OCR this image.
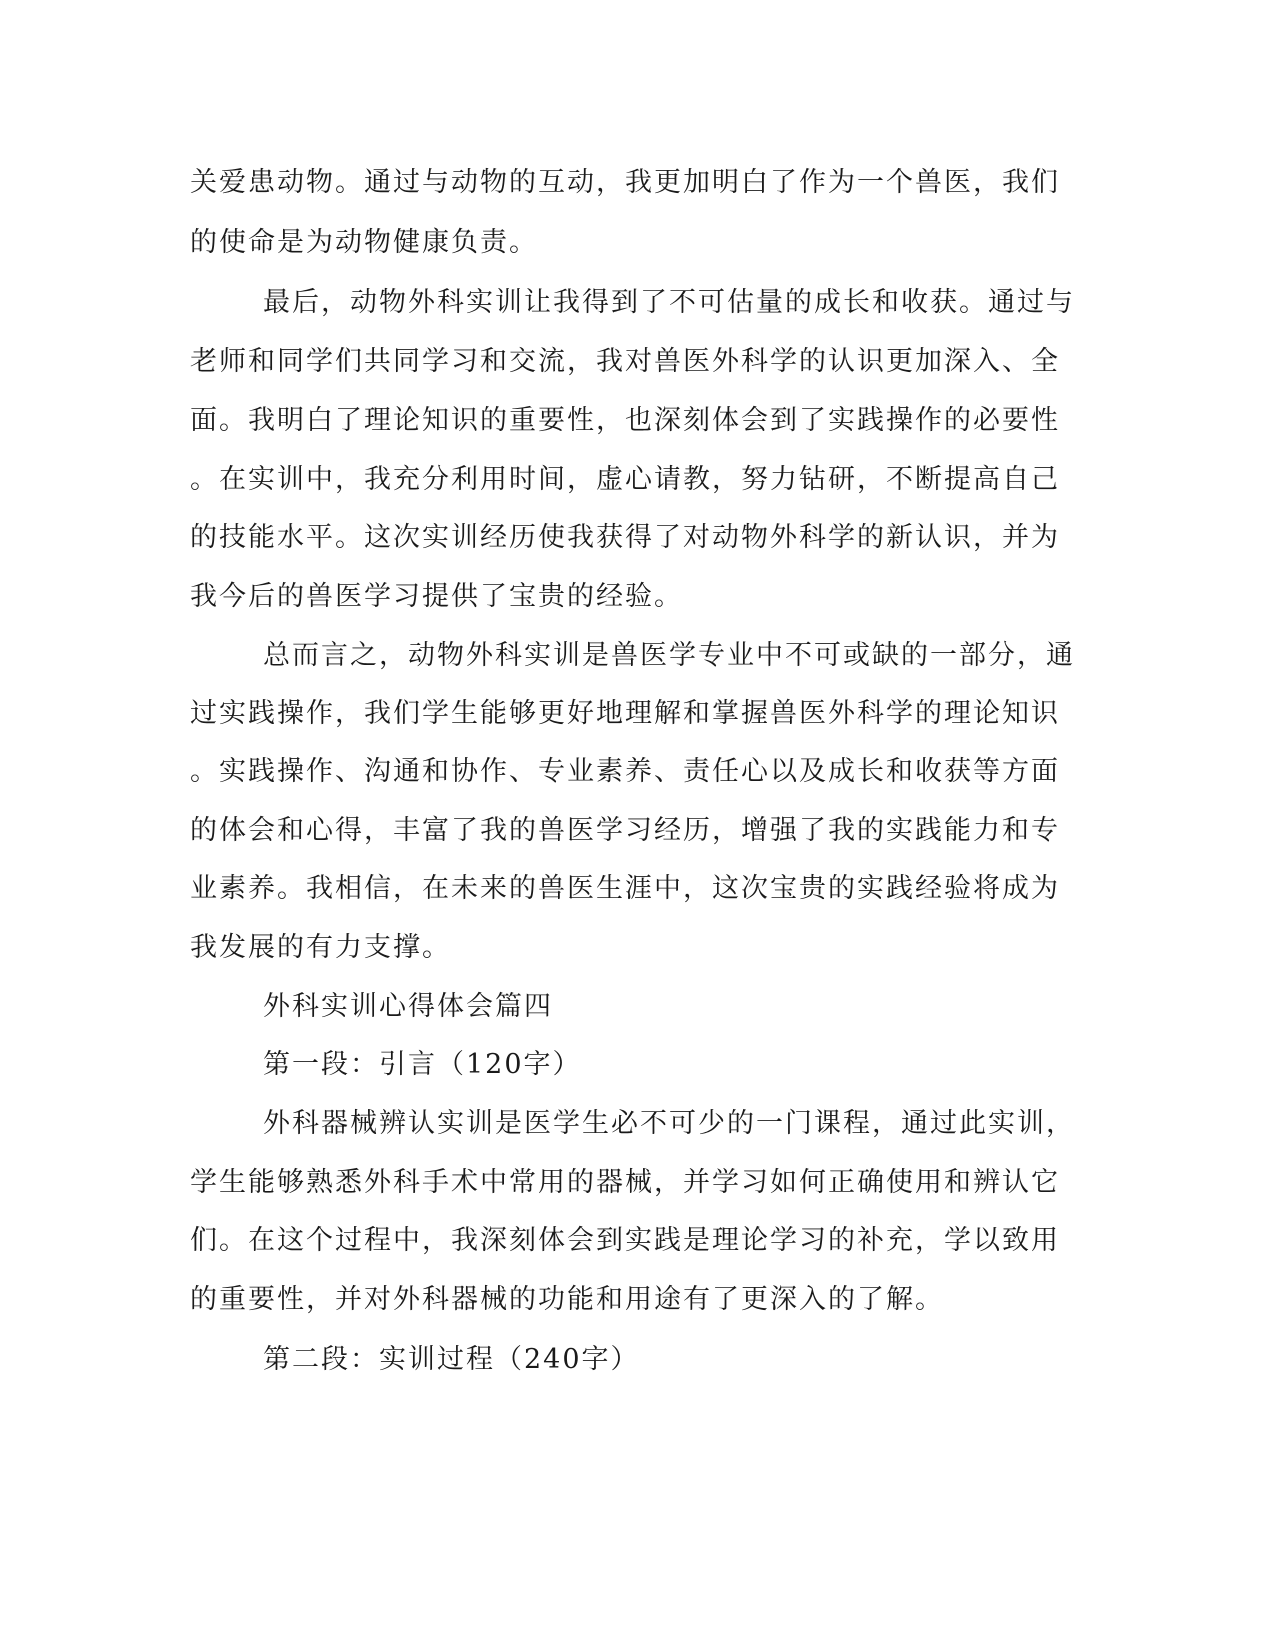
关爱患动物。通过与动物的互动，我更加明白了作为一个兽医，我们
的使命是为动物健康负责。
最后，动物外科实训让我得到了不可估量的成长和收获。通过与
老师和同学们共同学习和交流，我对兽医外科学的认识更加深入、全
面。我明白了理论知识的重要性，也深刻体会到了实践操作的必要性
。在实训中，我充分利用时间，虚心请教，努力钻研，不断提高自己
的技能水平。这次实训经历使我获得了对动物外科学的新认识，并为
我今后的兽医学习提供了宝贵的经验。
总而言之，动物外科实训是兽医学专业中不可或缺的一部分，通
过实践操作，我们学生能够更好地理解和掌握兽医外科学的理论知识
。实践操作、沟通和协作、专业素养、责任心以及成长和收获等方面
的体会和心得，丰富了我的兽医学习经历，增强了我的实践能力和专
业素养。我相信，在未来的兽医生涯中，这次宝贵的实践经验将成为
我发展的有力支撑。
外科实训心得体会篇四
第一段：引言（120字）
外科器械辨认实训是医学生必不可少的一门课程，通过此实训，
学生能够熟悉外科手术中常用的器械，并学习如何正确使用和辨认它
们。在这个过程中，我深刻体会到实践是理论学习的补充，学以致用
的重要性，并对外科器械的功能和用途有了更深入的了解。
第二段：实训过程（240字）
